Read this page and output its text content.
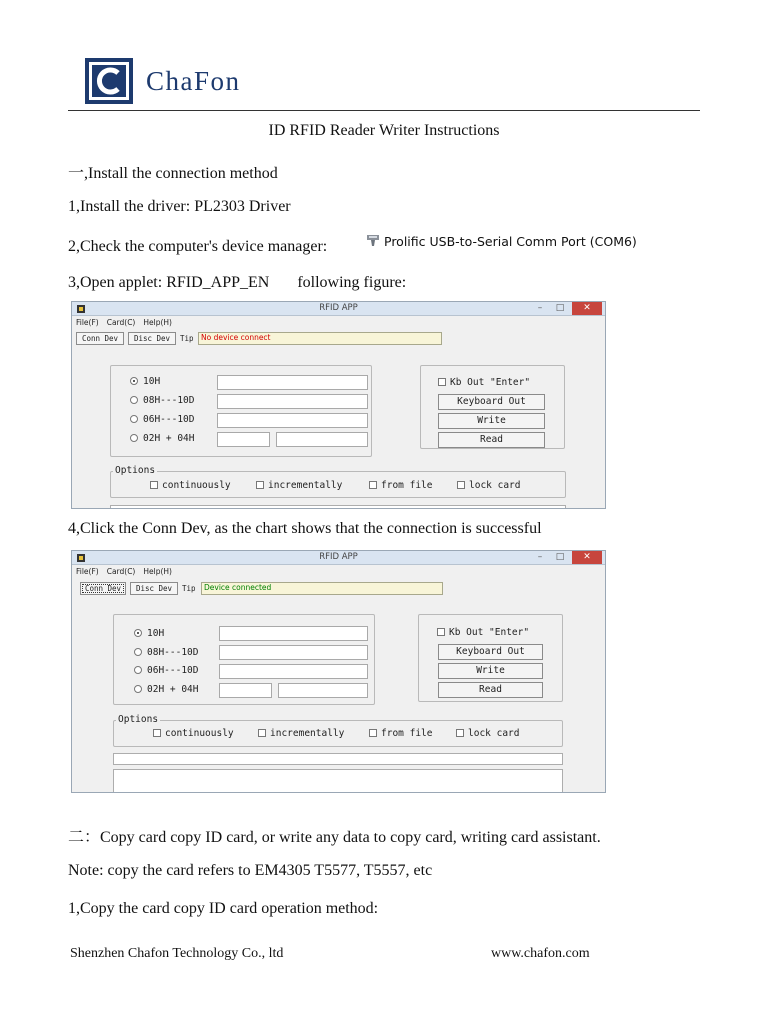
ChaFon
ID RFID Reader Writer Instructions
一,Install the connection method
1,Install the driver: PL2303 Driver
2,Check the computer's device manager:	Prolific USB-to-Serial Comm Port (COM6)
3,Open applet: RFID_APP_EN following figure:
RFID APP	–	□	✕
File(F) Card(C) Help(H)
Conn Dev	Disc Dev	Tip No device connect
10H
08H---10D
06H---10D
02H + 04H
Kb Out "Enter"
Keyboard Out
Write
Read
Options
continuously	incrementally	from file	lock card
4,Click the Conn Dev, as the chart shows that the connection is successful
RFID APP	–	□	✕
File(F) Card(C) Help(H)
Conn Dev	Disc Dev	Tip	Device connected
10H
08H---10D
06H---10D
02H + 04H
Kb Out "Enter"
Keyboard Out
Write
Read
Options
continuously	incrementally	from file	lock card
二：Copy card copy ID card, or write any data to copy card, writing card assistant.
Note: copy the card refers to EM4305 T5577, T5557, etc
1,Copy the card copy ID card operation method:
Shenzhen Chafon Technology Co., ltd	www.chafon.com
